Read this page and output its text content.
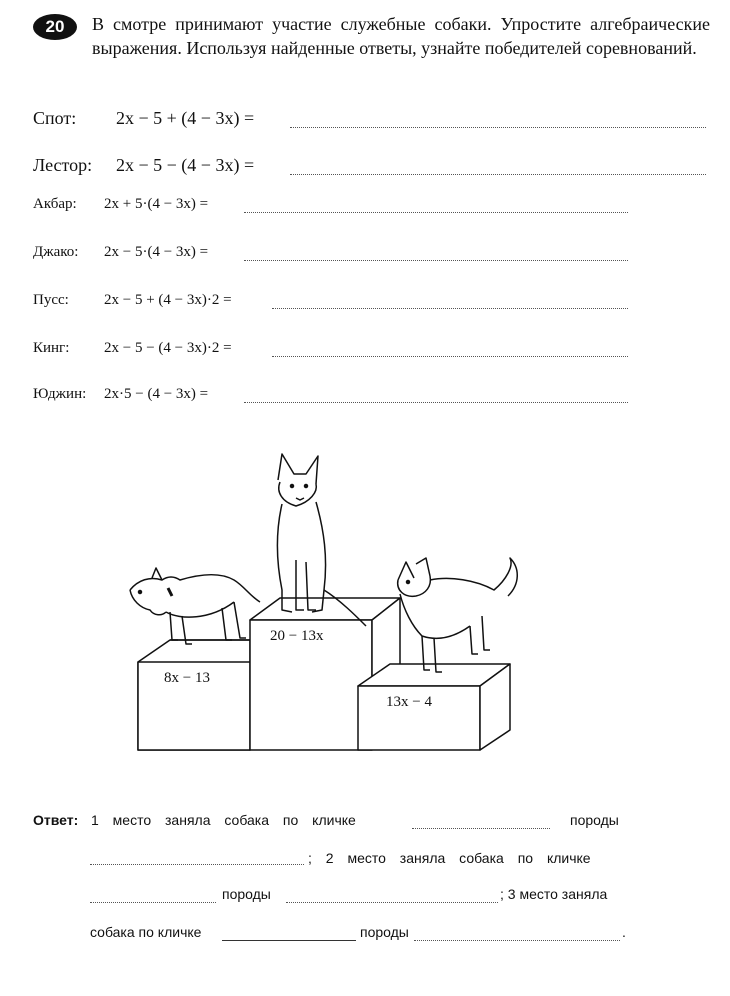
20	В смотре принимают участие служебные собаки. Упростите алгебраические выражения. Используя найденные ответы, узнайте победителей соревнований.
Спот: 2x − 5 + (4 − 3x) =
Лестор: 2x − 5 − (4 − 3x) =
Акбар: 2x + 5·(4 − 3x) =
Джако: 2x − 5·(4 − 3x) =
Пусс: 2x − 5 + (4 − 3x)·2 =
Кинг: 2x − 5 − (4 − 3x)·2 =
Юджин: 2x·5 − (4 − 3x) =
20 − 13x
8x − 13
13x − 4
Ответ: 1 место заняла собака по кличке	породы
; 2 место заняла собака по кличке
породы	; 3 место заняла
собака по кличке	породы	.
